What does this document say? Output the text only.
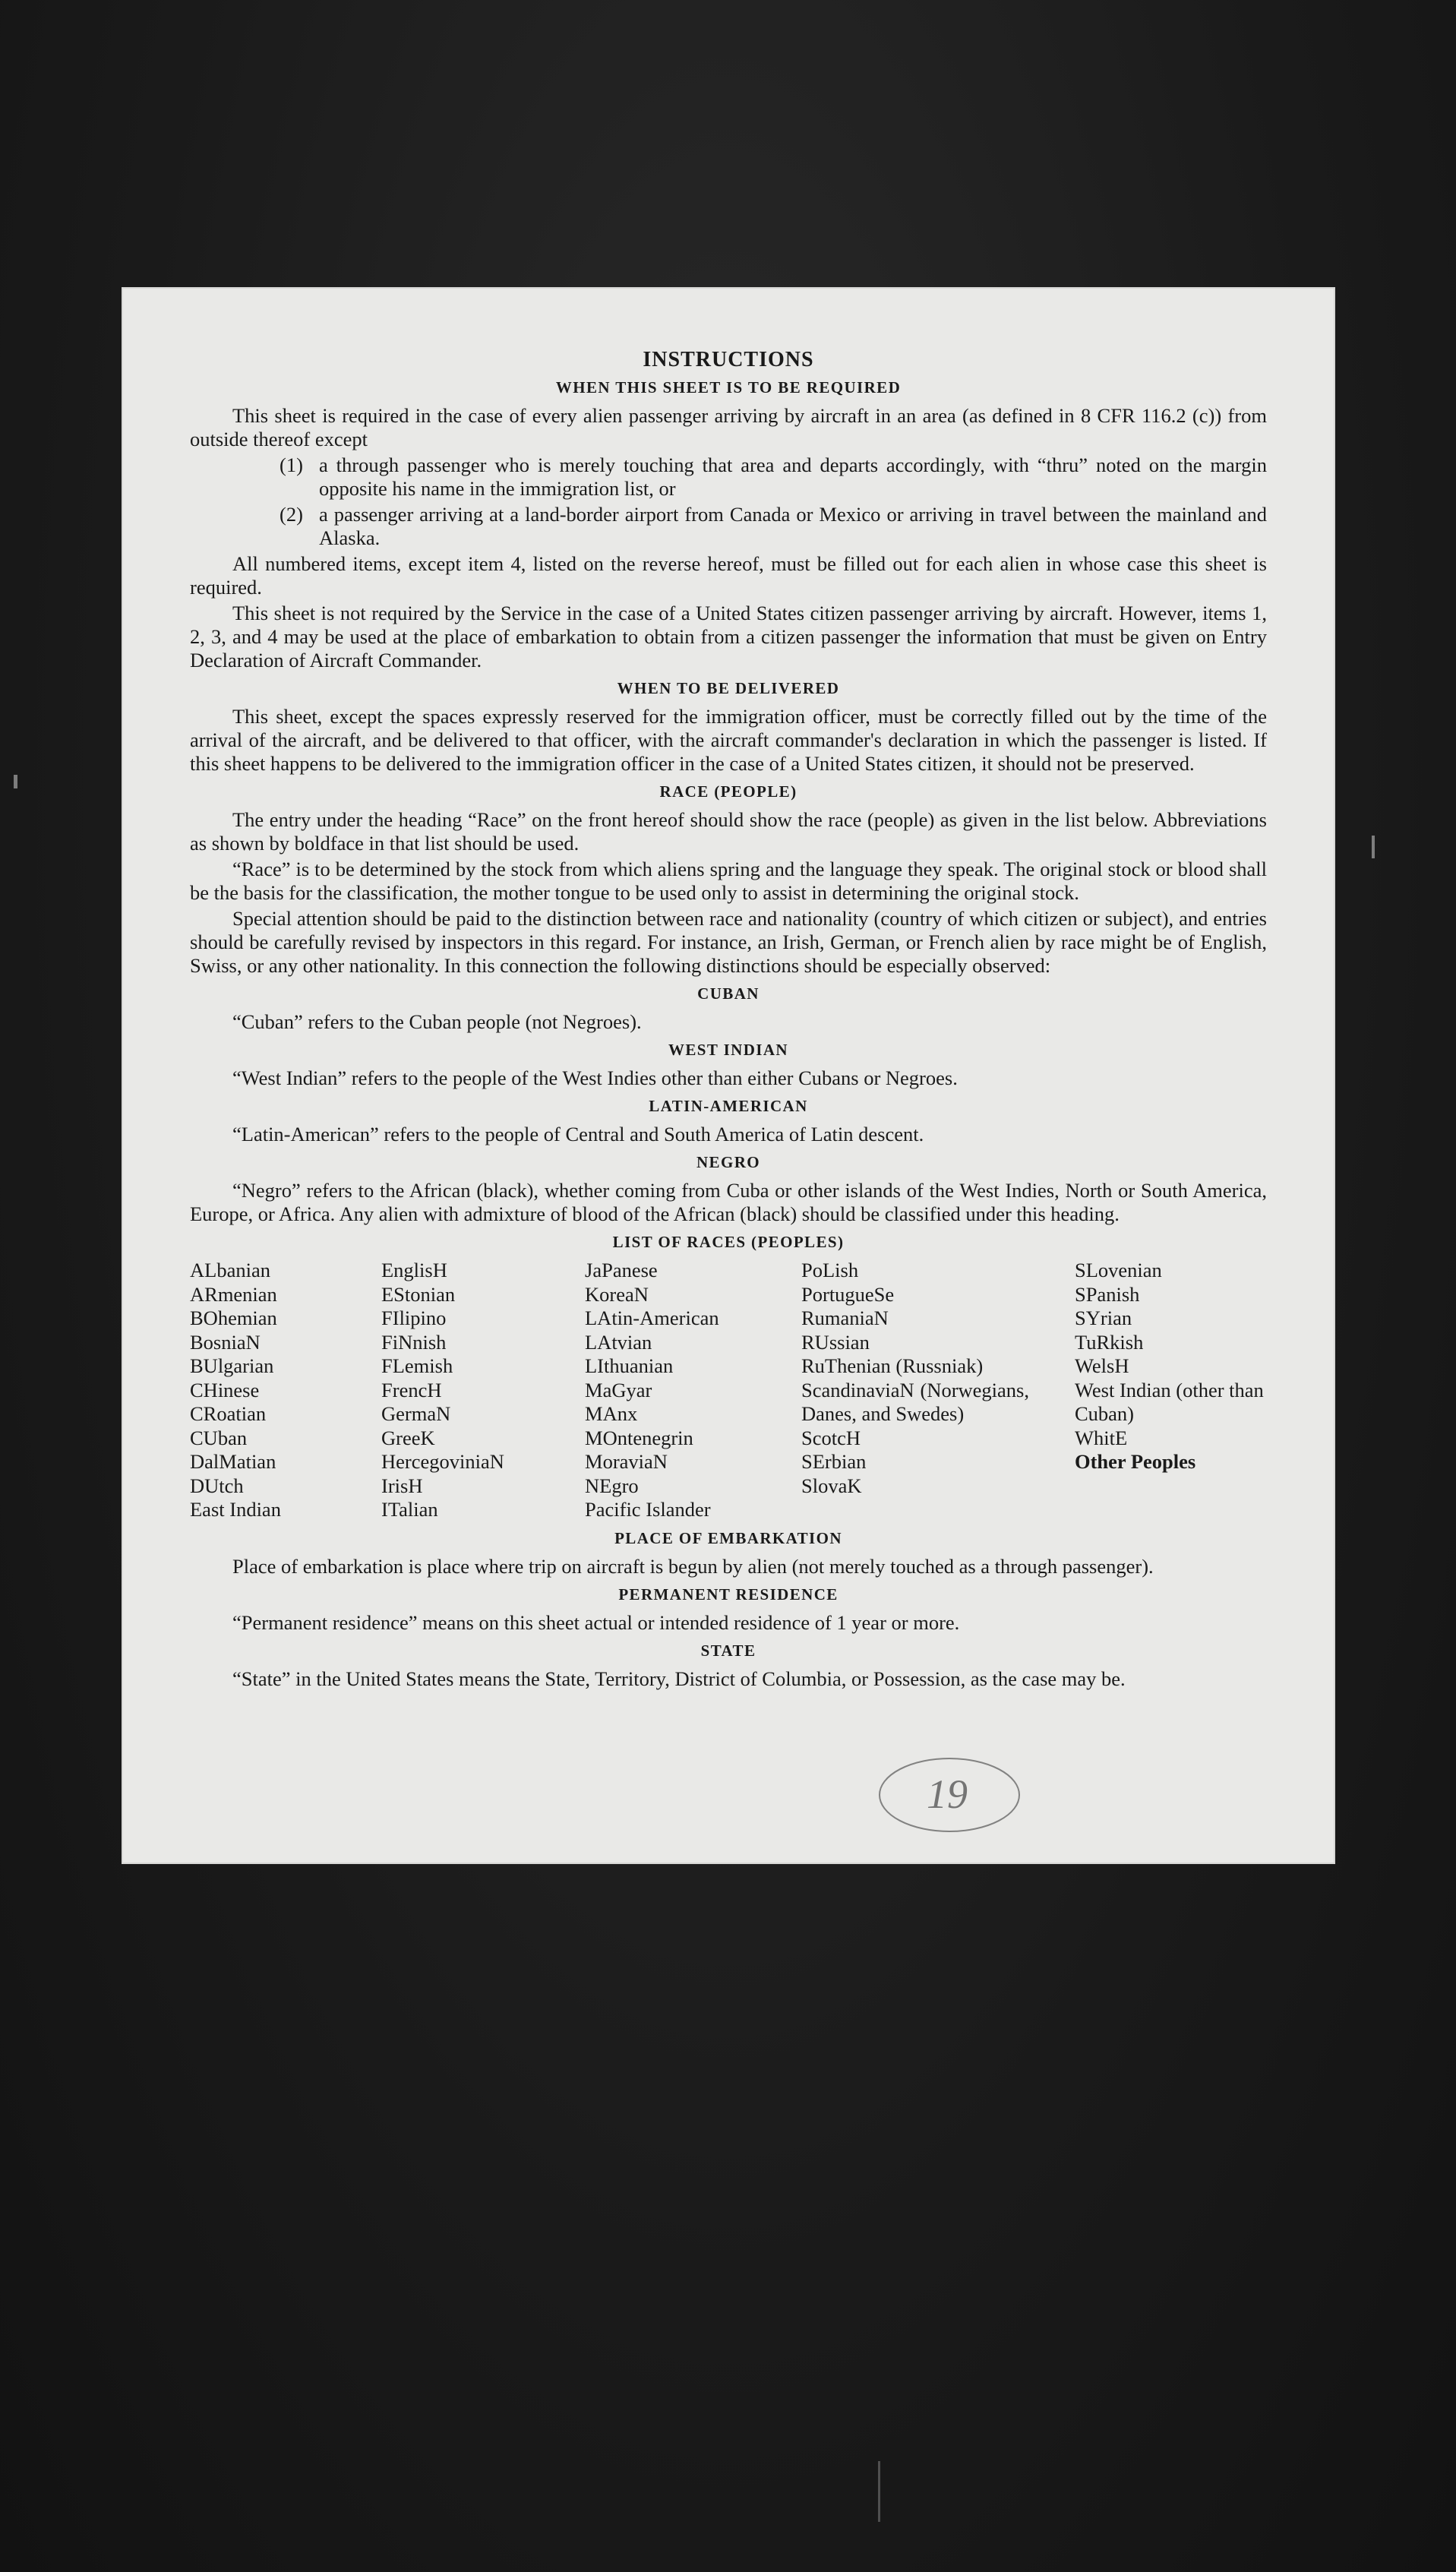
INSTRUCTIONS
WHEN THIS SHEET IS TO BE REQUIRED

This sheet is required in the case of every alien passenger arriving by aircraft in an area (as defined in 8 CFR 116.2 (c)) from outside thereof except

(1) a through passenger who is merely touching that area and departs accordingly, with “thru” noted on the margin opposite his name in the immigration list, or
(2) a passenger arriving at a land-border airport from Canada or Mexico or arriving in travel between the mainland and Alaska.

All numbered items, except item 4, listed on the reverse hereof, must be filled out for each alien in whose case this sheet is required.

This sheet is not required by the Service in the case of a United States citizen passenger arriving by aircraft. However, items 1, 2, 3, and 4 may be used at the place of embarkation to obtain from a citizen passenger the information that must be given on Entry Declaration of Aircraft Commander.

WHEN TO BE DELIVERED

This sheet, except the spaces expressly reserved for the immigration officer, must be correctly filled out by the time of the arrival of the aircraft, and be delivered to that officer, with the aircraft commander's declaration in which the passenger is listed. If this sheet happens to be delivered to the immigration officer in the case of a United States citizen, it should not be preserved.

RACE (PEOPLE)

The entry under the heading “Race” on the front hereof should show the race (people) as given in the list below. Abbreviations as shown by boldface in that list should be used.

“Race” is to be determined by the stock from which aliens spring and the language they speak. The original stock or blood shall be the basis for the classification, the mother tongue to be used only to assist in determining the original stock.

Special attention should be paid to the distinction between race and nationality (country of which citizen or subject), and entries should be carefully revised by inspectors in this regard. For instance, an Irish, German, or French alien by race might be of English, Swiss, or any other nationality. In this connection the following distinctions should be especially observed:

CUBAN

“Cuban” refers to the Cuban people (not Negroes).

WEST INDIAN

“West Indian” refers to the people of the West Indies other than either Cubans or Negroes.

LATIN-AMERICAN

“Latin-American” refers to the people of Central and South America of Latin descent.

NEGRO

“Negro” refers to the African (black), whether coming from Cuba or other islands of the West Indies, North or South America, Europe, or Africa. Any alien with admixture of blood of the African (black) should be classified under this heading.

LIST OF RACES (PEOPLES)
ALbanian
ARmenian
BOhemian
BosniaN
BUlgarian
CHinese
CRoatian
CUban
DalMatian
DUtch
East Indian
EnglisH
EStonian
FIlipino
FiNnish
FLemish
FrencH
GermaN
GreeK
HercegoviniaN
IrisH
ITalian
JaPanese
KoreaN
LAtin-American
LAtvian
LIthuanian
MaGyar
MAnx
MOntenegrin
MoraviaN
NEgro
Pacific Islander
PoLish
PortugueSe
RumaniaN
RUssian
RuThenian (Russniak)
ScandinaviaN (Norwegians, Danes, and Swedes)
ScotcH
SErbian
SlovaK
SLovenian
SPanish
SYrian
TuRkish
WelsH
West Indian (other than Cuban)
WhitE
Other Peoples
PLACE OF EMBARKATION

Place of embarkation is place where trip on aircraft is begun by alien (not merely touched as a through passenger).

PERMANENT RESIDENCE

“Permanent residence” means on this sheet actual or intended residence of 1 year or more.

STATE

“State” in the United States means the State, Territory, District of Columbia, or Possession, as the case may be.

19
